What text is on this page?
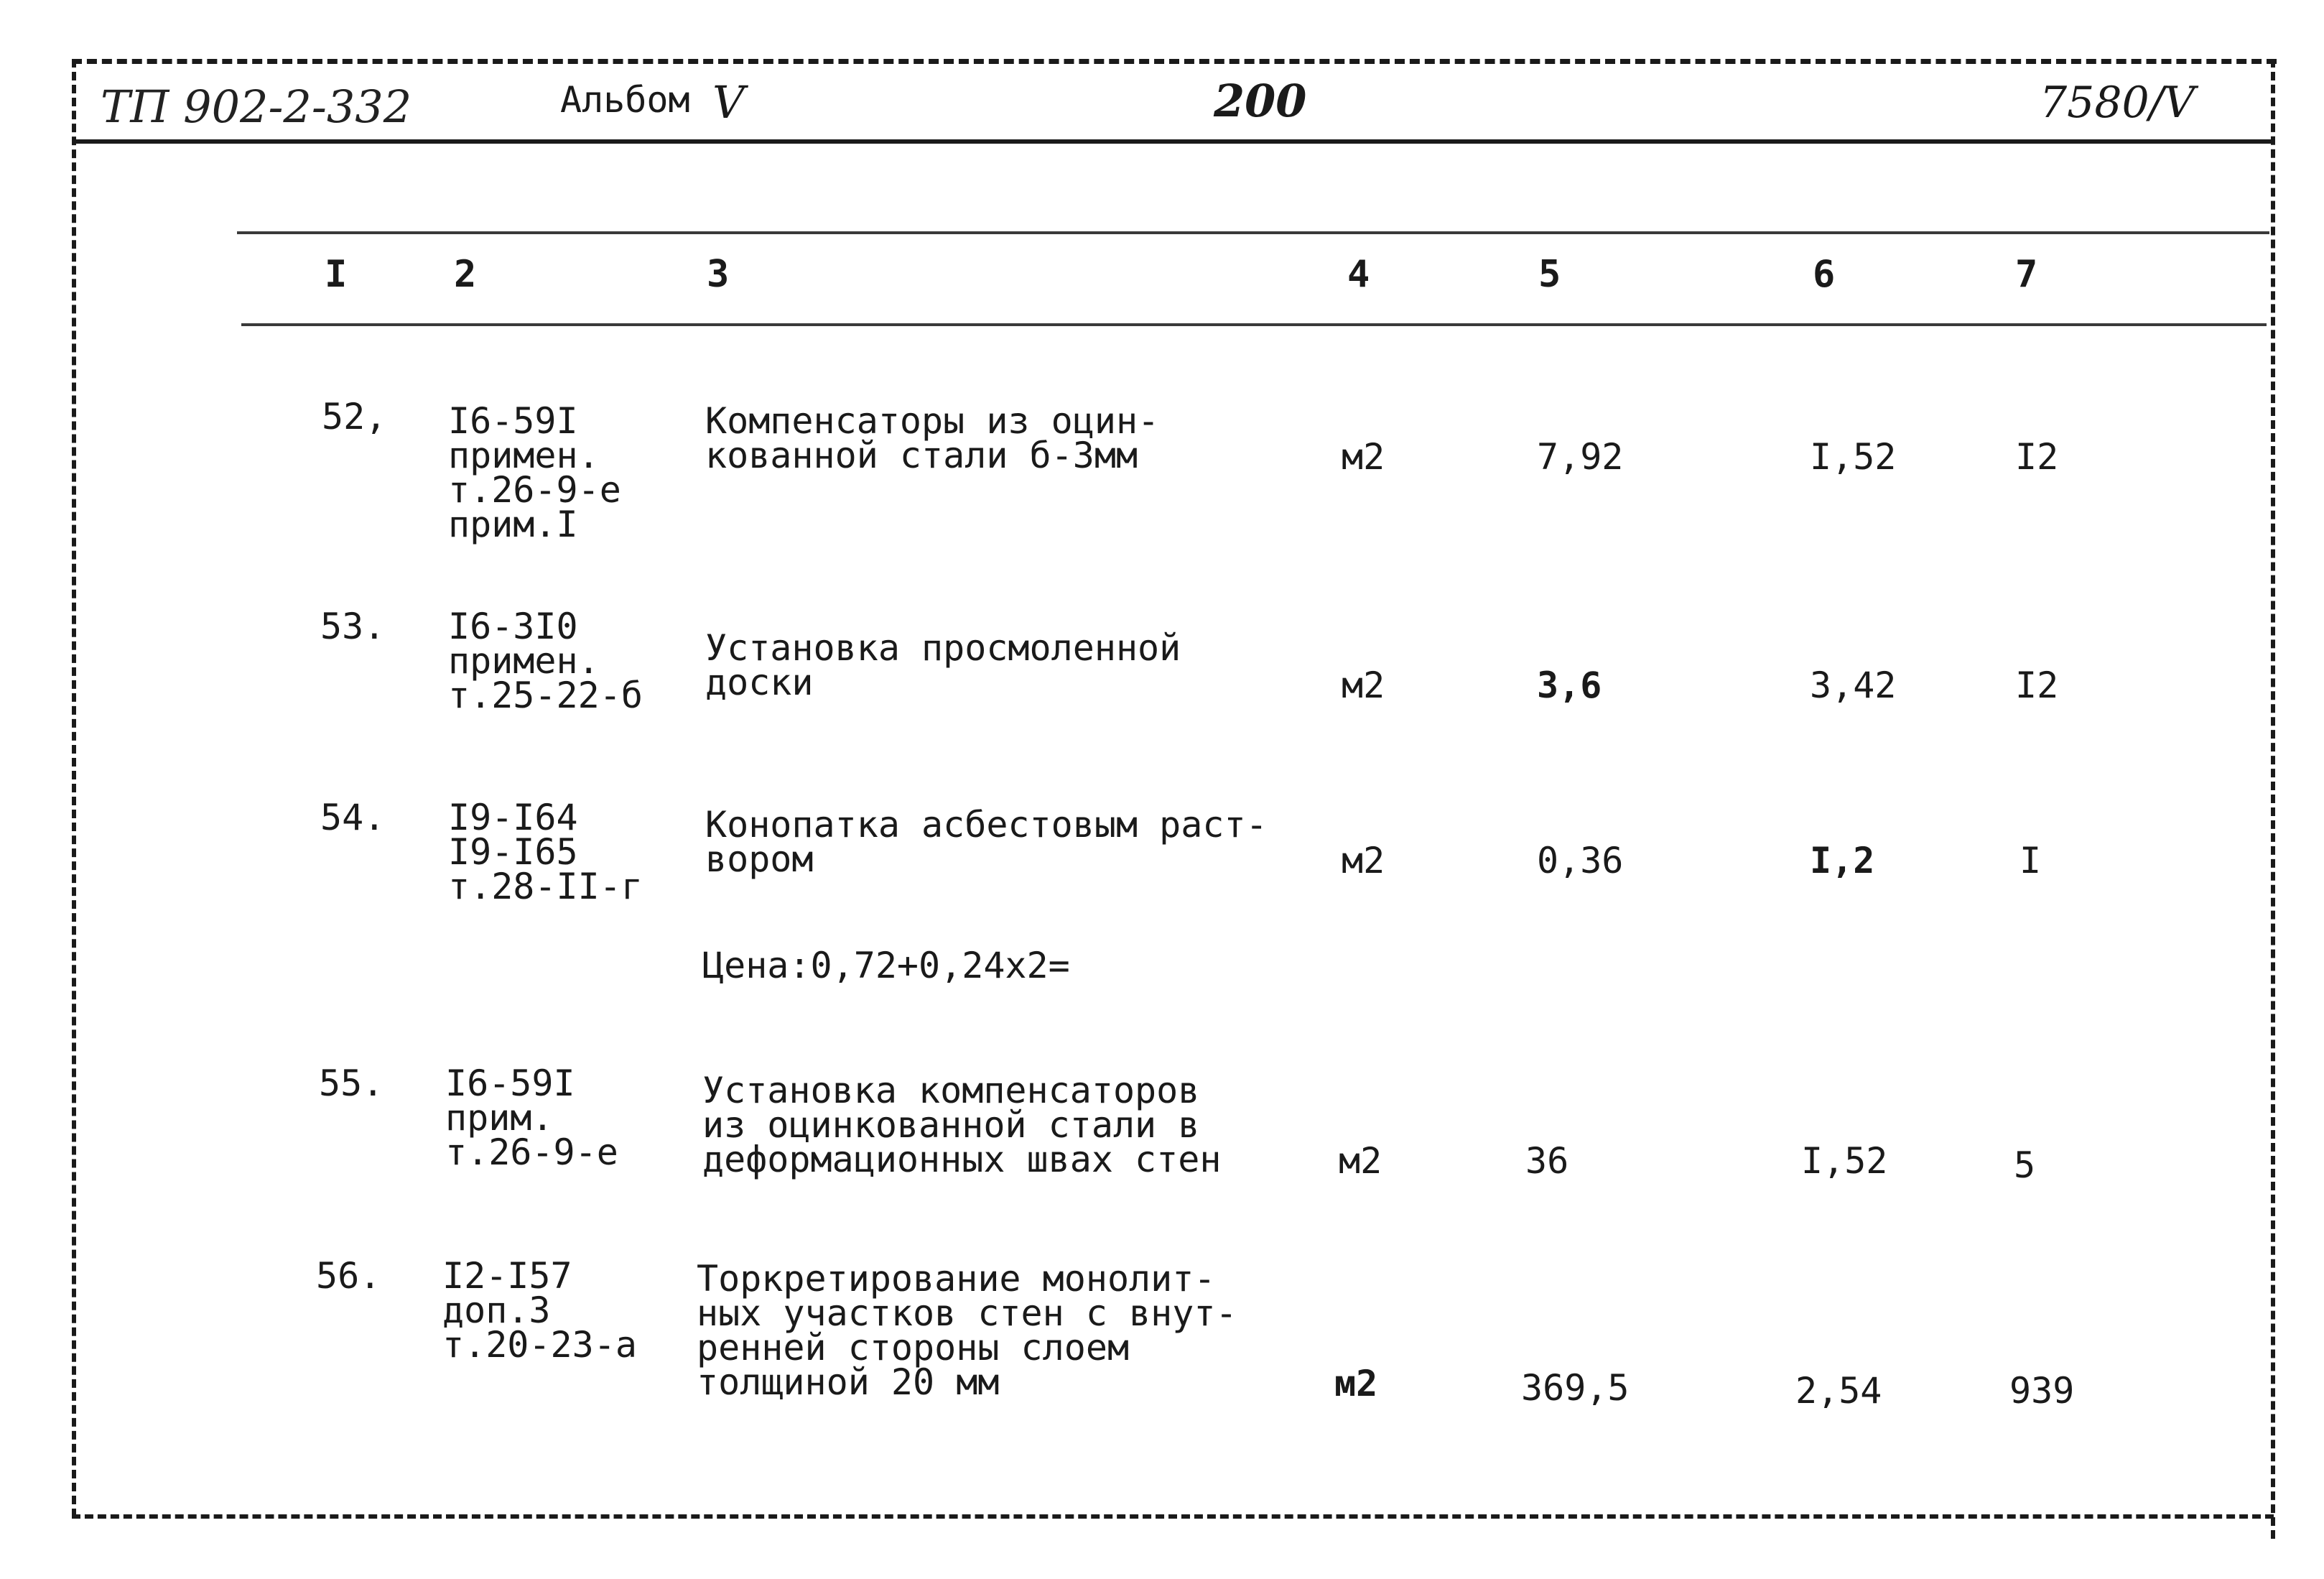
ТП 902-2-332	Альбом V	200	7580/V
I	2	3	4	5	6	7
52, I6-59I
примен.
т.26-9-е
прим.I
Компенсаторы из оцин-
кованной стали б-3мм	м2	7,92	I,52	I2
53. I6-3I0
примен.
т.25-22-б
Установка просмоленной
доски	м2	3,6	3,42	I2
54. I9-I64
I9-I65
т.28-II-г
Конопатка асбестовым раст-
вором
Цена:0,72+0,24х2=
м2	0,36	I,2	I
55. I6-59I
прим.
т.26-9-е
Установка компенсаторов
из оцинкованной стали в
деформационных швах стен	м2	36	I,52	5
56. I2-I57
доп.3
т.20-23-а
Торкретирование монолит-
ных участков стен с внут-
ренней стороны слоем
толщиной 20 мм	м2	369,5	2,54	939
